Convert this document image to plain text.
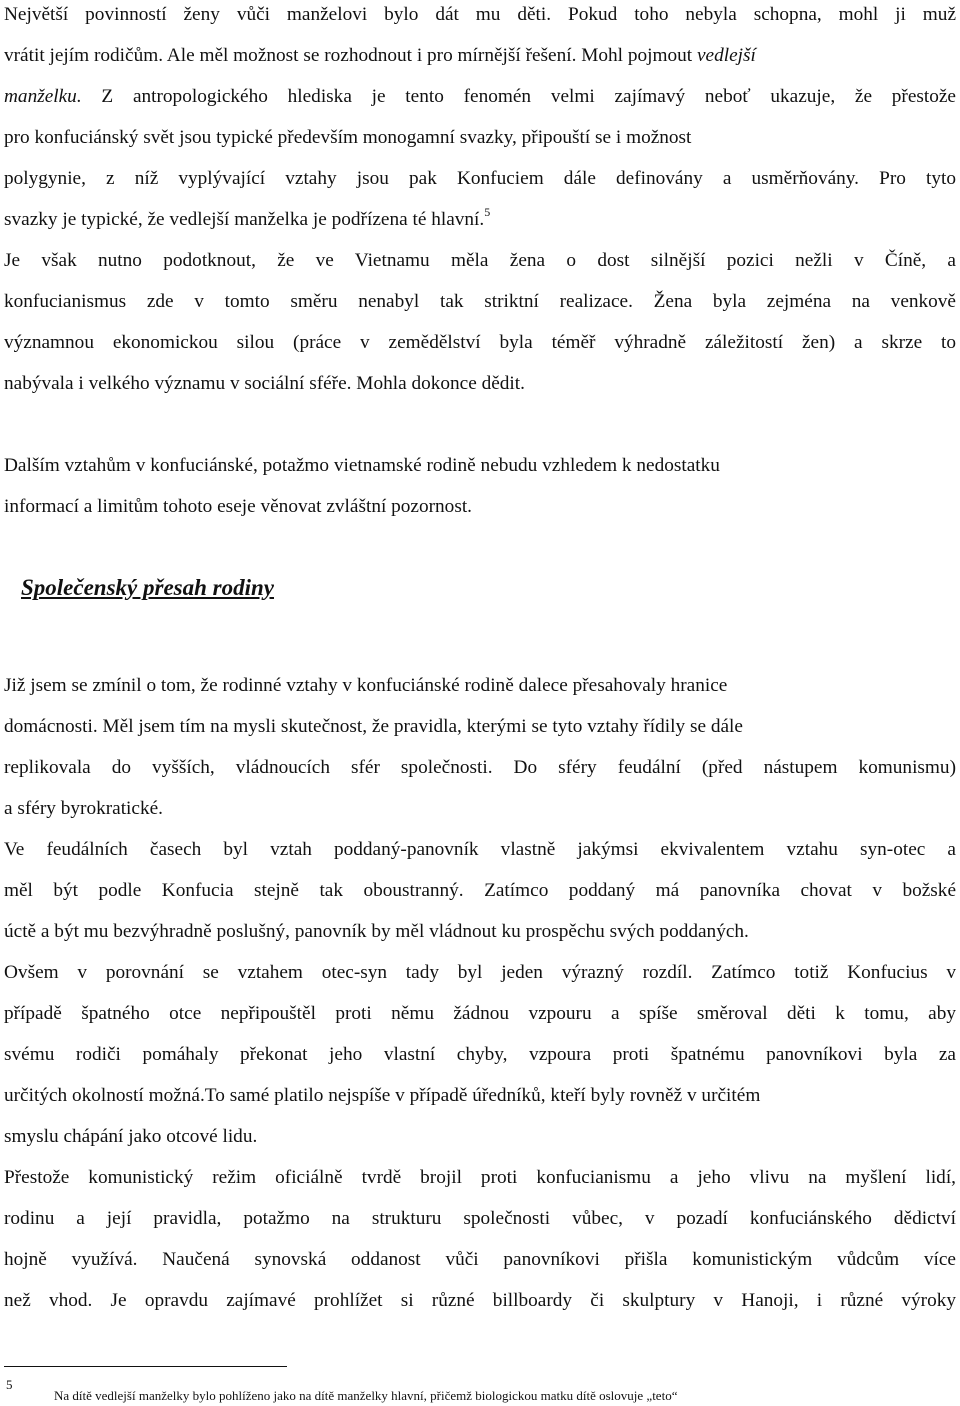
Největší povinností ženy vůči manželovi bylo dát mu děti. Pokud toho nebyla schopna, mohl ji muž
vrátit jejím rodičům. Ale měl možnost se rozhodnout i pro mírnější řešení. Mohl pojmout vedlejší
manželku. Z antropologického hlediska je tento fenomén velmi zajímavý neboť ukazuje, že přestože
pro konfuciánský svět jsou typické především monogamní svazky, připouští se i možnost
polygynie, z níž vyplývající vztahy jsou pak Konfuciem dále definovány a usměrňovány. Pro tyto
svazky je typické, že vedlejší manželka je podřízena té hlavní.$^5$
Je však nutno podotknout, že ve Vietnamu měla žena o dost silnější pozici nežli v Číně, a
konfucianismus zde v tomto směru nenabyl tak striktní realizace. Žena byla zejména na venkově
významnou ekonomickou silou (práce v zemědělství byla téměř výhradně záležitostí žen) a skrze to
nabývala i velkého významu v sociální sféře. Mohla dokonce dědit.
Dalším vztahům v konfuciánské, potažmo vietnamské rodině nebudu vzhledem k nedostatku
informací a limitům tohoto eseje věnovat zvláštní pozornost.
Společenský přesah rodiny
Již jsem se zmínil o tom, že rodinné vztahy v konfuciánské rodině dalece přesahovaly hranice
domácnosti. Měl jsem tím na mysli skutečnost, že pravidla, kterými se tyto vztahy řídily se dále
replikovala do vyšších, vládnoucích sfér společnosti. Do sféry feudální (před nástupem komunismu)
a sféry byrokratické.
Ve feudálních časech byl vztah poddaný-panovník vlastně jakýmsi ekvivalentem vztahu syn-otec a
měl být podle Konfucia stejně tak oboustranný. Zatímco poddaný má panovníka chovat v božské
úctě a být mu bezvýhradně poslušný, panovník by měl vládnout ku prospěchu svých poddaných.
Ovšem v porovnání se vztahem otec-syn tady byl jeden výrazný rozdíl. Zatímco totiž Konfucius v
případě špatného otce nepřipouštěl proti němu žádnou vzpouru a spíše směroval děti k tomu, aby
svému rodiči pomáhaly překonat jeho vlastní chyby, vzpoura proti špatnému panovníkovi byla za
určitých okolností možná.To samé platilo nejspíše v případě úředníků, kteří byly rovněž v určitém
smyslu chápání jako otcové lidu.
Přestože komunistický režim oficiálně tvrdě brojil proti konfucianismu a jeho vlivu na myšlení lidí,
rodinu a její pravidla, potažmo na strukturu společnosti vůbec, v pozadí konfuciánského dědictví
hojně využívá. Naučená synovská oddanost vůči panovníkovi přišla komunistickým vůdcům více
než vhod. Je opravdu zajímavé prohlížet si různé billboardy či skulptury v Hanoji, i různé výroky
5
Na dítě vedlejší manželky bylo pohlíženo jako na dítě manželky hlavní, přičemž biologickou matku dítě oslovuje „teto“
